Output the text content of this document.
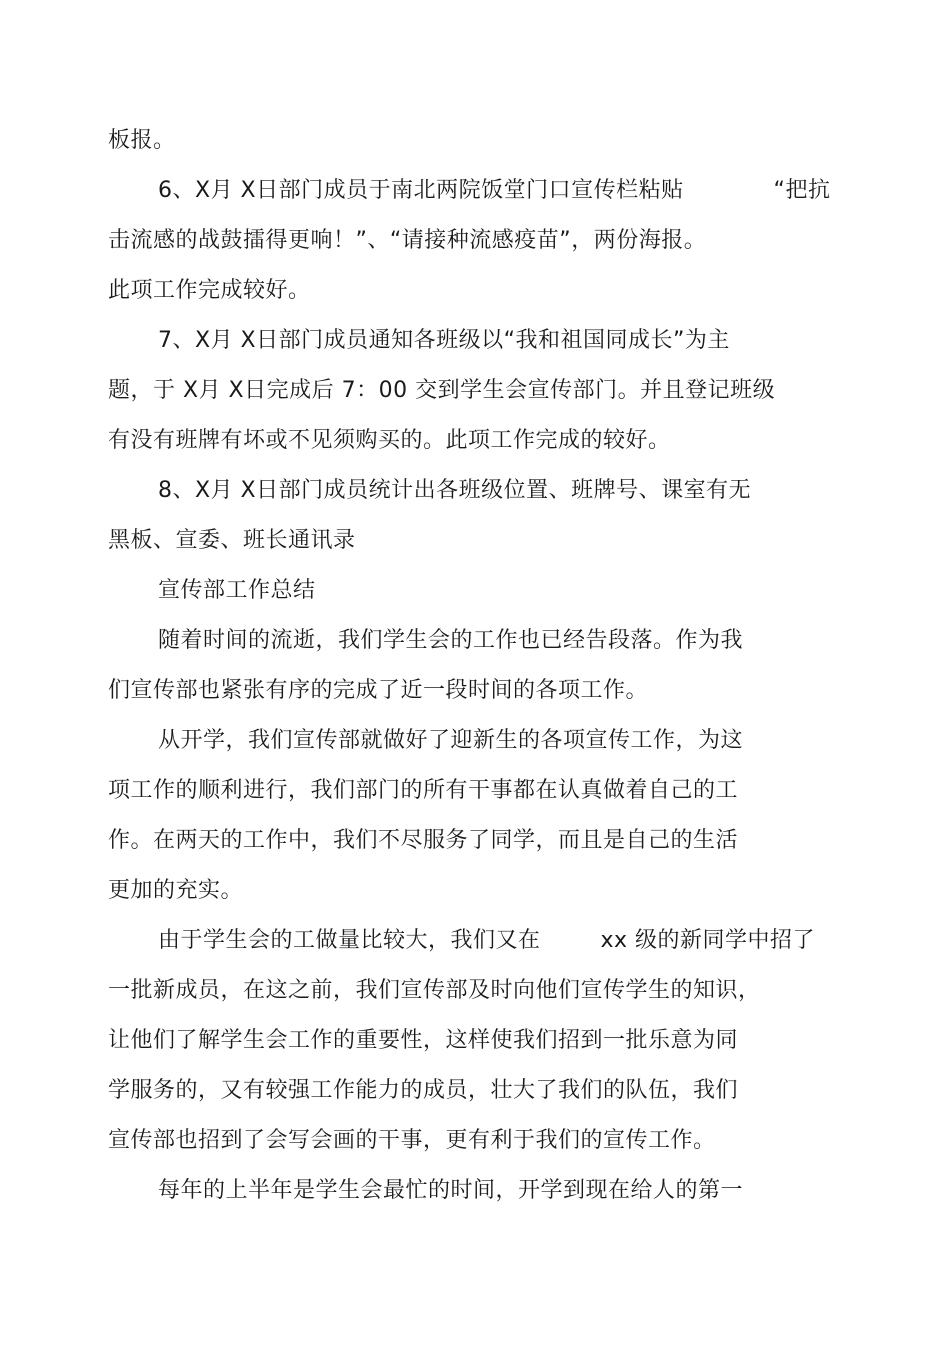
板报。
6、X月 X日部门成员于南北两院饭堂门口宣传栏粘贴            “把抗
击流感的战鼓擂得更响！”、“请接种流感疫苗”，两份海报。
此项工作完成较好。
7、X月 X日部门成员通知各班级以“我和祖国同成长”为主
题，于 X月 X日完成后 7：00 交到学生会宣传部门。并且登记班级
有没有班牌有坏或不见须购买的。此项工作完成的较好。
8、X月 X日部门成员统计出各班级位置、班牌号、课室有无
黑板、宣委、班长通讯录
宣传部工作总结
随着时间的流逝，我们学生会的工作也已经告段落。作为我
们宣传部也紧张有序的完成了近一段时间的各项工作。
从开学，我们宣传部就做好了迎新生的各项宣传工作，为这
项工作的顺利进行，我们部门的所有干事都在认真做着自己的工
作。在两天的工作中，我们不尽服务了同学，而且是自己的生活
更加的充实。
由于学生会的工做量比较大，我们又在        xx 级的新同学中招了
一批新成员，在这之前，我们宣传部及时向他们宣传学生的知识，
让他们了解学生会工作的重要性，这样使我们招到一批乐意为同
学服务的，又有较强工作能力的成员，壮大了我们的队伍，我们
宣传部也招到了会写会画的干事，更有利于我们的宣传工作。
每年的上半年是学生会最忙的时间，开学到现在给人的第一
